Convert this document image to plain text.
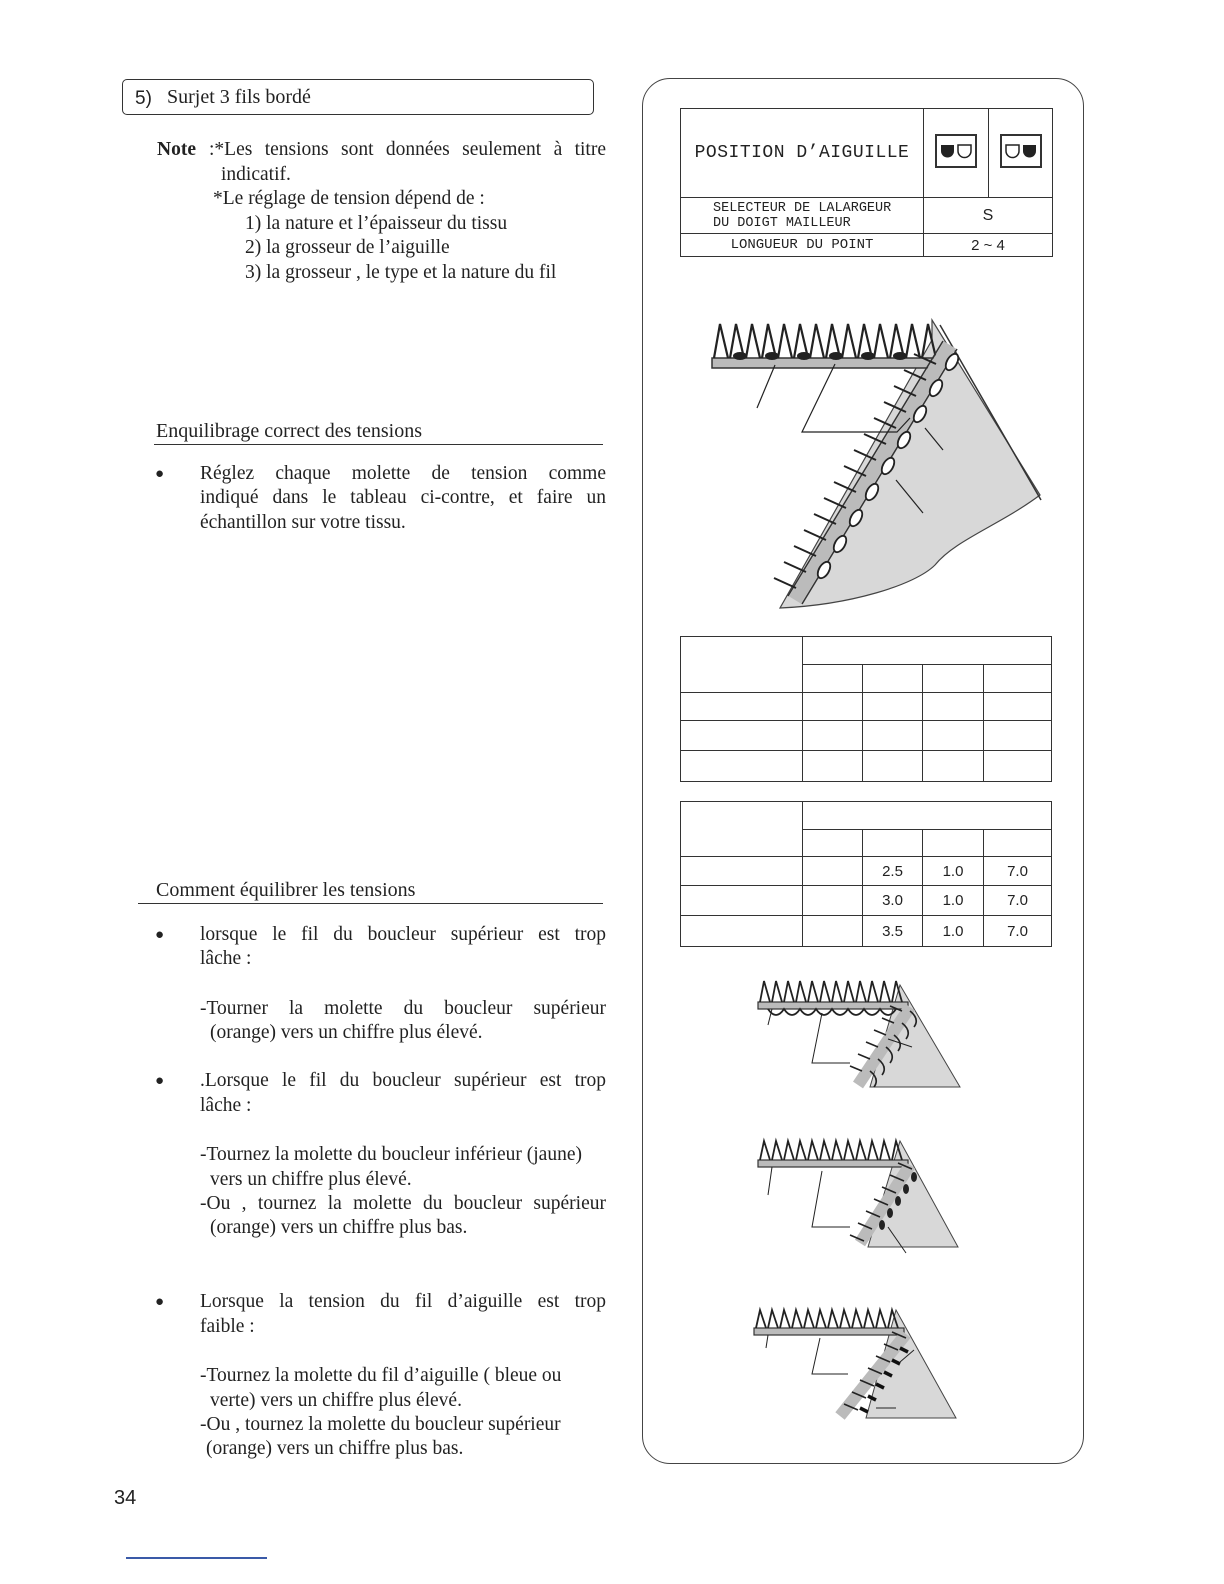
5) Surjet 3 fils bordé
Note :*Les tensions sont données seulement à titre
indicatif.
*Le réglage de tension dépend de :
1) la nature et l’épaisseur du tissu
2) la grosseur de l’aiguille
3) la grosseur , le type et la nature du fil
Enquilibrage correct des tensions
● Réglez chaque molette de tension comme
indiqué dans le tableau ci-contre, et faire un
échantillon sur votre tissu.
Comment équilibrer les tensions
● lorsque le fil du boucleur supérieur est trop
lâche :
-Tourner la molette du boucleur supérieur
(orange) vers un chiffre plus élevé.
● .Lorsque le fil du boucleur supérieur est trop
lâche :
-Tournez la molette du boucleur inférieur (jaune)
vers un chiffre plus élevé.
-Ou , tournez la molette du boucleur supérieur
(orange) vers un chiffre plus bas.
● Lorsque la tension du fil d’aiguille est trop
faible :
-Tournez la molette du fil d’aiguille ( bleue ou
verte) vers un chiffre plus élevé.
-Ou , tournez la molette du boucleur supérieur
(orange) vers un chiffre plus bas.
34
POSITION D’AIGUILLE		

SELECTEUR DE LALARGEUR
DU DOIGT MAILLEUR	S	
LONGUEUR DU POINT	2 ~ 4	

		2.5	1.0	7.0
		3.0	1.0	7.0
		3.5	1.0	7.0
